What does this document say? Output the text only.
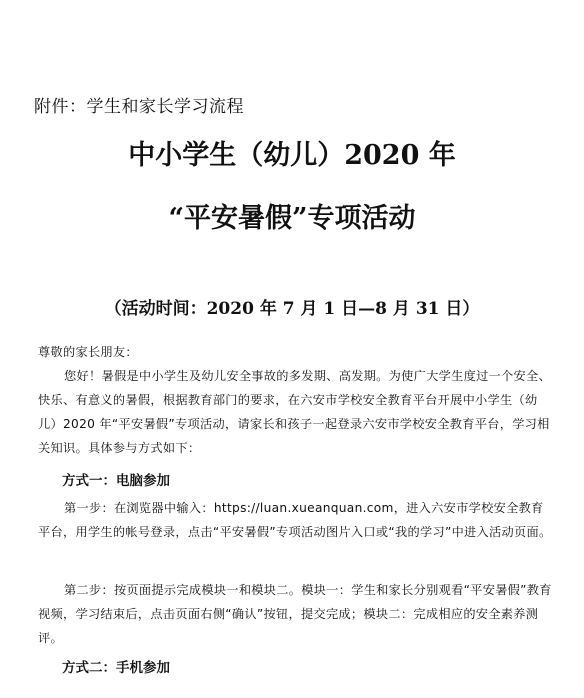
附件：学生和家长学习流程
中小学生（幼儿）2020 年
“平安暑假”专项活动
（活动时间：2020 年 7 月 1 日—8 月 31 日）
尊敬的家长朋友：
您好！暑假是中小学生及幼儿安全事故的多发期、高发期。为使广大学生度过一个安全、快乐、有意义的暑假，根据教育部门的要求，在六安市学校安全教育平台开展中小学生（幼儿）2020 年“平安暑假”专项活动，请家长和孩子一起登录六安市学校安全教育平台，学习相关知识。具体参与方式如下：
方式一：电脑参加
第一步：在浏览器中输入：https://luan.xueanquan.com，进入六安市学校安全教育平台，用学生的帐号登录，点击“平安暑假”专项活动图片入口或“我的学习”中进入活动页面。
第二步：按页面提示完成模块一和模块二。模块一：学生和家长分别观看“平安暑假”教育视频，学习结束后，点击页面右侧“确认”按钮，提交完成；模块二：完成相应的安全素养测评。
方式二：手机参加
